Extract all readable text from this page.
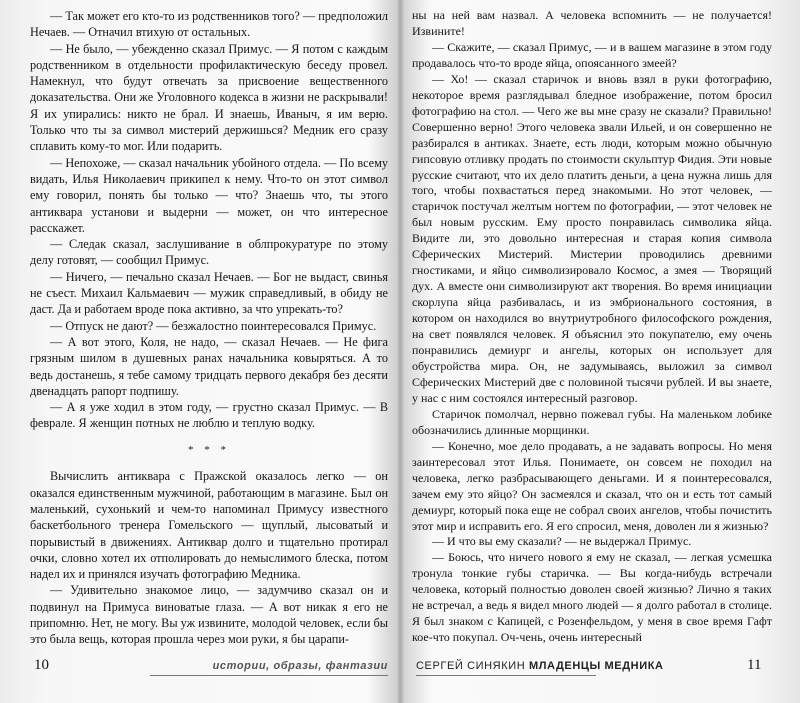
— Так может его кто-то из родственников того? — предположил Нечаев. — Отначил втихую от остальных.

— Не было, — убежденно сказал Примус. — Я потом с каждым родственником в отдельности профилактическую беседу провел. Намекнул, что будут отвечать за присвоение вещественного доказательства. Они же Уголовного кодекса в жизни не раскрывали! Я их упирались: никто не брал. И знаешь, Иваныч, я им верю. Только что ты за символ мистерий держишься? Медник его сразу сплавить кому-то мог. Или подарить.

— Непохоже, — сказал начальник убойного отдела. — По всему видать, Илья Николаевич прикипел к нему. Что-то он этот символ ему говорил, понять бы только — что? Знаешь что, ты этого антиквара установи и выдерни — может, он что интересное расскажет.

— Следак сказал, заслушивание в облпрокуратуре по этому делу готовят, — сообщил Примус.

— Ничего, — печально сказал Нечаев. — Бог не выдаст, свинья не съест. Михаил Кальмаевич — мужик справедливый, в обиду не даст. Да и работаем вроде пока активно, за что упрекать-то?

— Отпуск не дают? — безжалостно поинтересовался Примус.

— А вот этого, Коля, не надо, — сказал Нечаев. — Не фига грязным шилом в душевных ранах начальника ковыряться. А то ведь достанешь, я тебе самому тридцать первого декабря без десяти двенадцать рапорт подпишу.

— А я уже ходил в этом году, — грустно сказал Примус. — В феврале. Я женщин потных не люблю и теплую водку.

* * *

Вычислить антиквара с Пражской оказалось легко — он оказался единственным мужчиной, работающим в магазине. Был он маленький, сухонький и чем-то напоминал Примусу известного баскетбольного тренера Гомельского — щуплый, лысоватый и порывистый в движениях. Антиквар долго и тщательно протирал очки, словно хотел их отполировать до немыслимого блеска, потом надел их и принялся изучать фотографию Медника.

— Удивительно знакомое лицо, — задумчиво сказал он и подвинул на Примуса виноватые глаза. — А вот никак я его не припомню. Нет, не могу. Вы уж извините, молодой человек, если бы это была вещь, которая прошла через мои руки, я бы царапи-

ны на ней вам назвал. А человека вспомнить — не получается! Извините!

— Скажите, — сказал Примус, — и в вашем магазине в этом году продавалось что-то вроде яйца, опоясанного змеей?

— Хо! — сказал старичок и вновь взял в руки фотографию, некоторое время разглядывал бледное изображение, потом бросил фотографию на стол. — Чего же вы мне сразу не сказали? Правильно! Совершенно верно! Этого человека звали Ильей, и он совершенно не разбирался в антиках. Знаете, есть люди, которым можно обычную гипсовую отливку продать по стоимости скульптур Фидия. Эти новые русские считают, что их дело платить деньги, а цена нужна лишь для того, чтобы похвастаться перед знакомыми. Но этот человек, — старичок постучал желтым ногтем по фотографии, — этот человек не был новым русским. Ему просто понравилась символика яйца. Видите ли, это довольно интересная и старая копия символа Сферических Мистерий. Мистерии проводились древними гностиками, и яйцо символизировало Космос, а змея — Творящий дух. А вместе они символизируют акт творения. Во время инициации скорлупа яйца разбивалась, и из эмбрионального состояния, в котором он находился во внутриутробного философского рождения, на свет появлялся человек. Я объяснил это покупателю, ему очень понравились демиург и ангелы, которых он использует для обустройства мира. Он, не задумываясь, выложил за символ Сферических Мистерий две с половиной тысячи рублей. И вы знаете, у нас с ним состоялся интересный разговор.

Старичок помолчал, нервно пожевал губы. На маленьком лобике обозначились длинные морщинки.

— Конечно, мое дело продавать, а не задавать вопросы. Но меня заинтересовал этот Илья. Понимаете, он совсем не походил на человека, легко разбрасывающего деньгами. И я поинтересовался, зачем ему это яйцо? Он засмеялся и сказал, что он и есть тот самый демиург, который пока еще не собрал своих ангелов, чтобы почистить этот мир и исправить его. Я его спросил, меня, доволен ли я жизнью?

— И что вы ему сказали? — не выдержал Примус.

— Боюсь, что ничего нового я ему не сказал, — легкая усмешка тронула тонкие губы старичка. — Вы когда-нибудь встречали человека, который полностью доволен своей жизнью? Лично я таких не встречал, а ведь я видел много людей — я долго работал в столице. Я был знаком с Капицей, с Розенфельдом, у меня в свое время Гафт кое-что покупал. Оч-чень, очень интересный

10	истории, образы, фантазии	СЕРГЕЙ СИНЯКИН МЛАДЕНЦЫ МЕДНИКА	11
